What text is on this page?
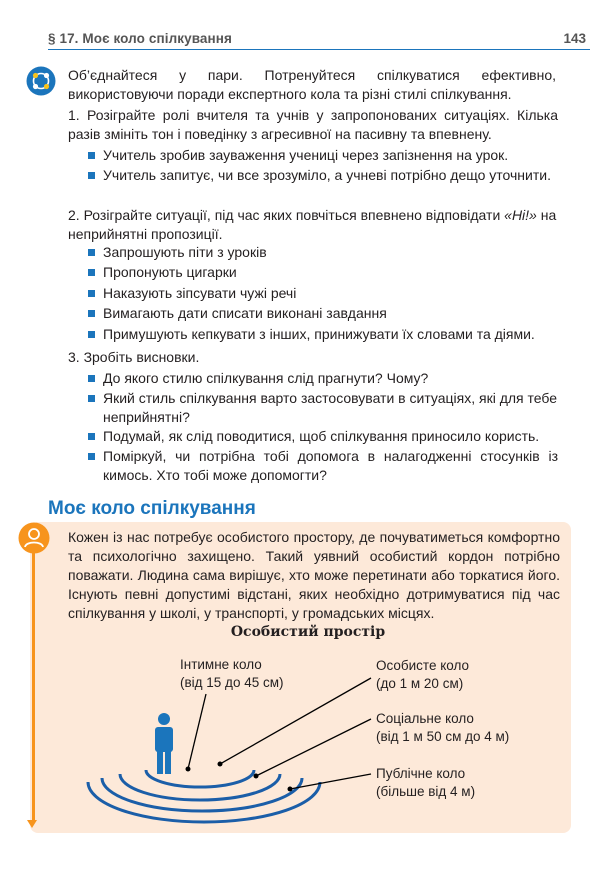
§ 17. Моє коло спілкування	143
Об’єднайтеся у пари. Потренуйтеся спілкуватися ефективно, використовуючи поради експертного кола та різні стилі спілкування.
1. Розіграйте ролі вчителя та учнів у запропонованих ситуаціях. Кілька разів змініть тон і поведінку з агресивної на пасивну та впевнену.
Учитель зробив зауваження учениці через запізнення на урок.
Учитель запитує, чи все зрозуміло, а учневі потрібно дещо уточнити.
2. Розіграйте ситуації, під час яких повчіться впевнено відповідати «Ні!» на неприйнятні пропозиції.
Запрошують піти з уроків
Пропонують цигарки
Наказують зіпсувати чужі речі
Вимагають дати списати виконані завдання
Примушують кепкувати з інших, принижувати їх словами та діями.
3. Зробіть висновки.
До якого стилю спілкування слід прагнути? Чому?
Який стиль спілкування варто застосовувати в ситуаціях, які для тебе неприйнятні?
Подумай, як слід поводитися, щоб спілкування приносило користь.
Поміркуй, чи потрібна тобі допомога в налагодженні стосунків із кимось. Хто тобі може допомогти?
Моє коло спілкування
Кожен із нас потребує особистого простору, де почуватиметься комфортно та психологічно захищено. Такий уявний особистий кордон потрібно поважати. Людина сама вирішує, хто може перетинати або торкатися його. Існують певні допустимі відстані, яких необхідно дотримуватися під час спілкування у школі, у транспорті, у громадських місцях.
Особистий простір
Інтимне коло
(від 15 до 45 см)
Особисте коло
(до 1 м 20 см)
Соціальне коло
(від 1 м 50 см до 4 м)
Публічне коло
(більше від 4 м)
